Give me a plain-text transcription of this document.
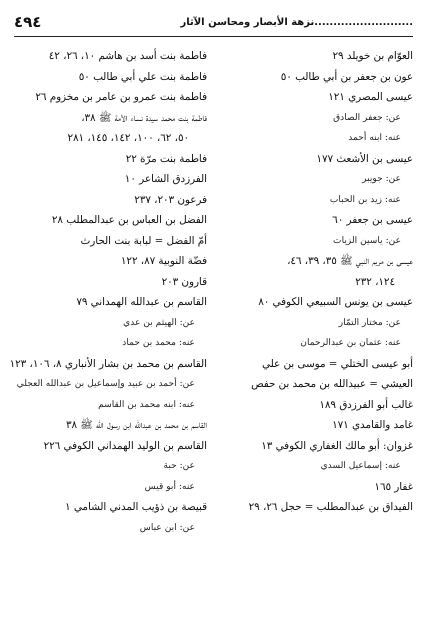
٤٩٤	..........................نزهة الأبصار ومحاسن الآثار
العوّام بن خويلد ٢٩
عون بن جعفر بن أبي طالب ٥٠
عيسى المصري ١٢١
عن: جعفر الصادق
عنه: ابنه أحمد
عيسى بن الأشعث ١٧٧
عن: جويبر
عنه: زيد بن الحباب
عيسى بن جعفر ٦٠
عن: ياسين الزيات
عيسى بن مريم النبي ﷺ ٣٥، ٣٩، ٤٦،
١٢٤، ٢٣٢
عيسى بن يونس السبيعي الكوفي ٨٠
عن: مختار التمّار
عنه: عثمان بن عبدالرحمان
أبو عيسى الختلي = موسى بن علي
العيشي = عبيدالله بن محمد بن حفص
غالب أبو الفرزدق ١٨٩
غامد والقامدي ١٧١
غزوان: أبو مالك الغفاري الكوفي ١٣
عنه: إسماعيل السدي
غفار ١٦٥
الفيداق بن عبدالمطلب = حجل ٢٦، ٢٩
فاطمة بنت أسد بن هاشم ١٠، ٢٦، ٤٢
فاطمة بنت علي أبي طالب ٥٠
فاطمة بنت عمرو بن عامر بن مخزوم ٢٦
فاطمة بنت محمد سيدة نساء الأمة ﷺ ٣٨،
٥٠، ٦٢، ١٠٠، ١٤٢، ١٤٥، ٢٨١
فاطمة بنت مرّة ٢٢
الفرزدق الشاعر ١٠
فرعون ٢٠٣، ٢٣٧
الفضل بن العباس بن عبدالمطلب ٢٨
أمّ الفضل = لبابة بنت الحارث
فضّة النوبية ٨٧، ١٢٢
قارون ٢٠٣
القاسم بن عبدالله الهمداني ٧٩
عن: الهيثم بن عدي
عنه: محمد بن حماد
القاسم بن محمد بن بشار الأنباري ٨، ١٠٦، ١٢٣
عن: أحمد بن عبيد وإسماعيل بن عبدالله العجلي
عنه: ابنه محمد بن القاسم
القاسم بن محمد بن عبدالله ابن رسول الله ﷺ ٣٨
القاسم بن الوليد الهمداني الكوفي ٢٢٦
عن: حبة
عنه: أبو قيس
قبيصة بن ذؤيب المدني الشامي ١
عن: ابن عباس
